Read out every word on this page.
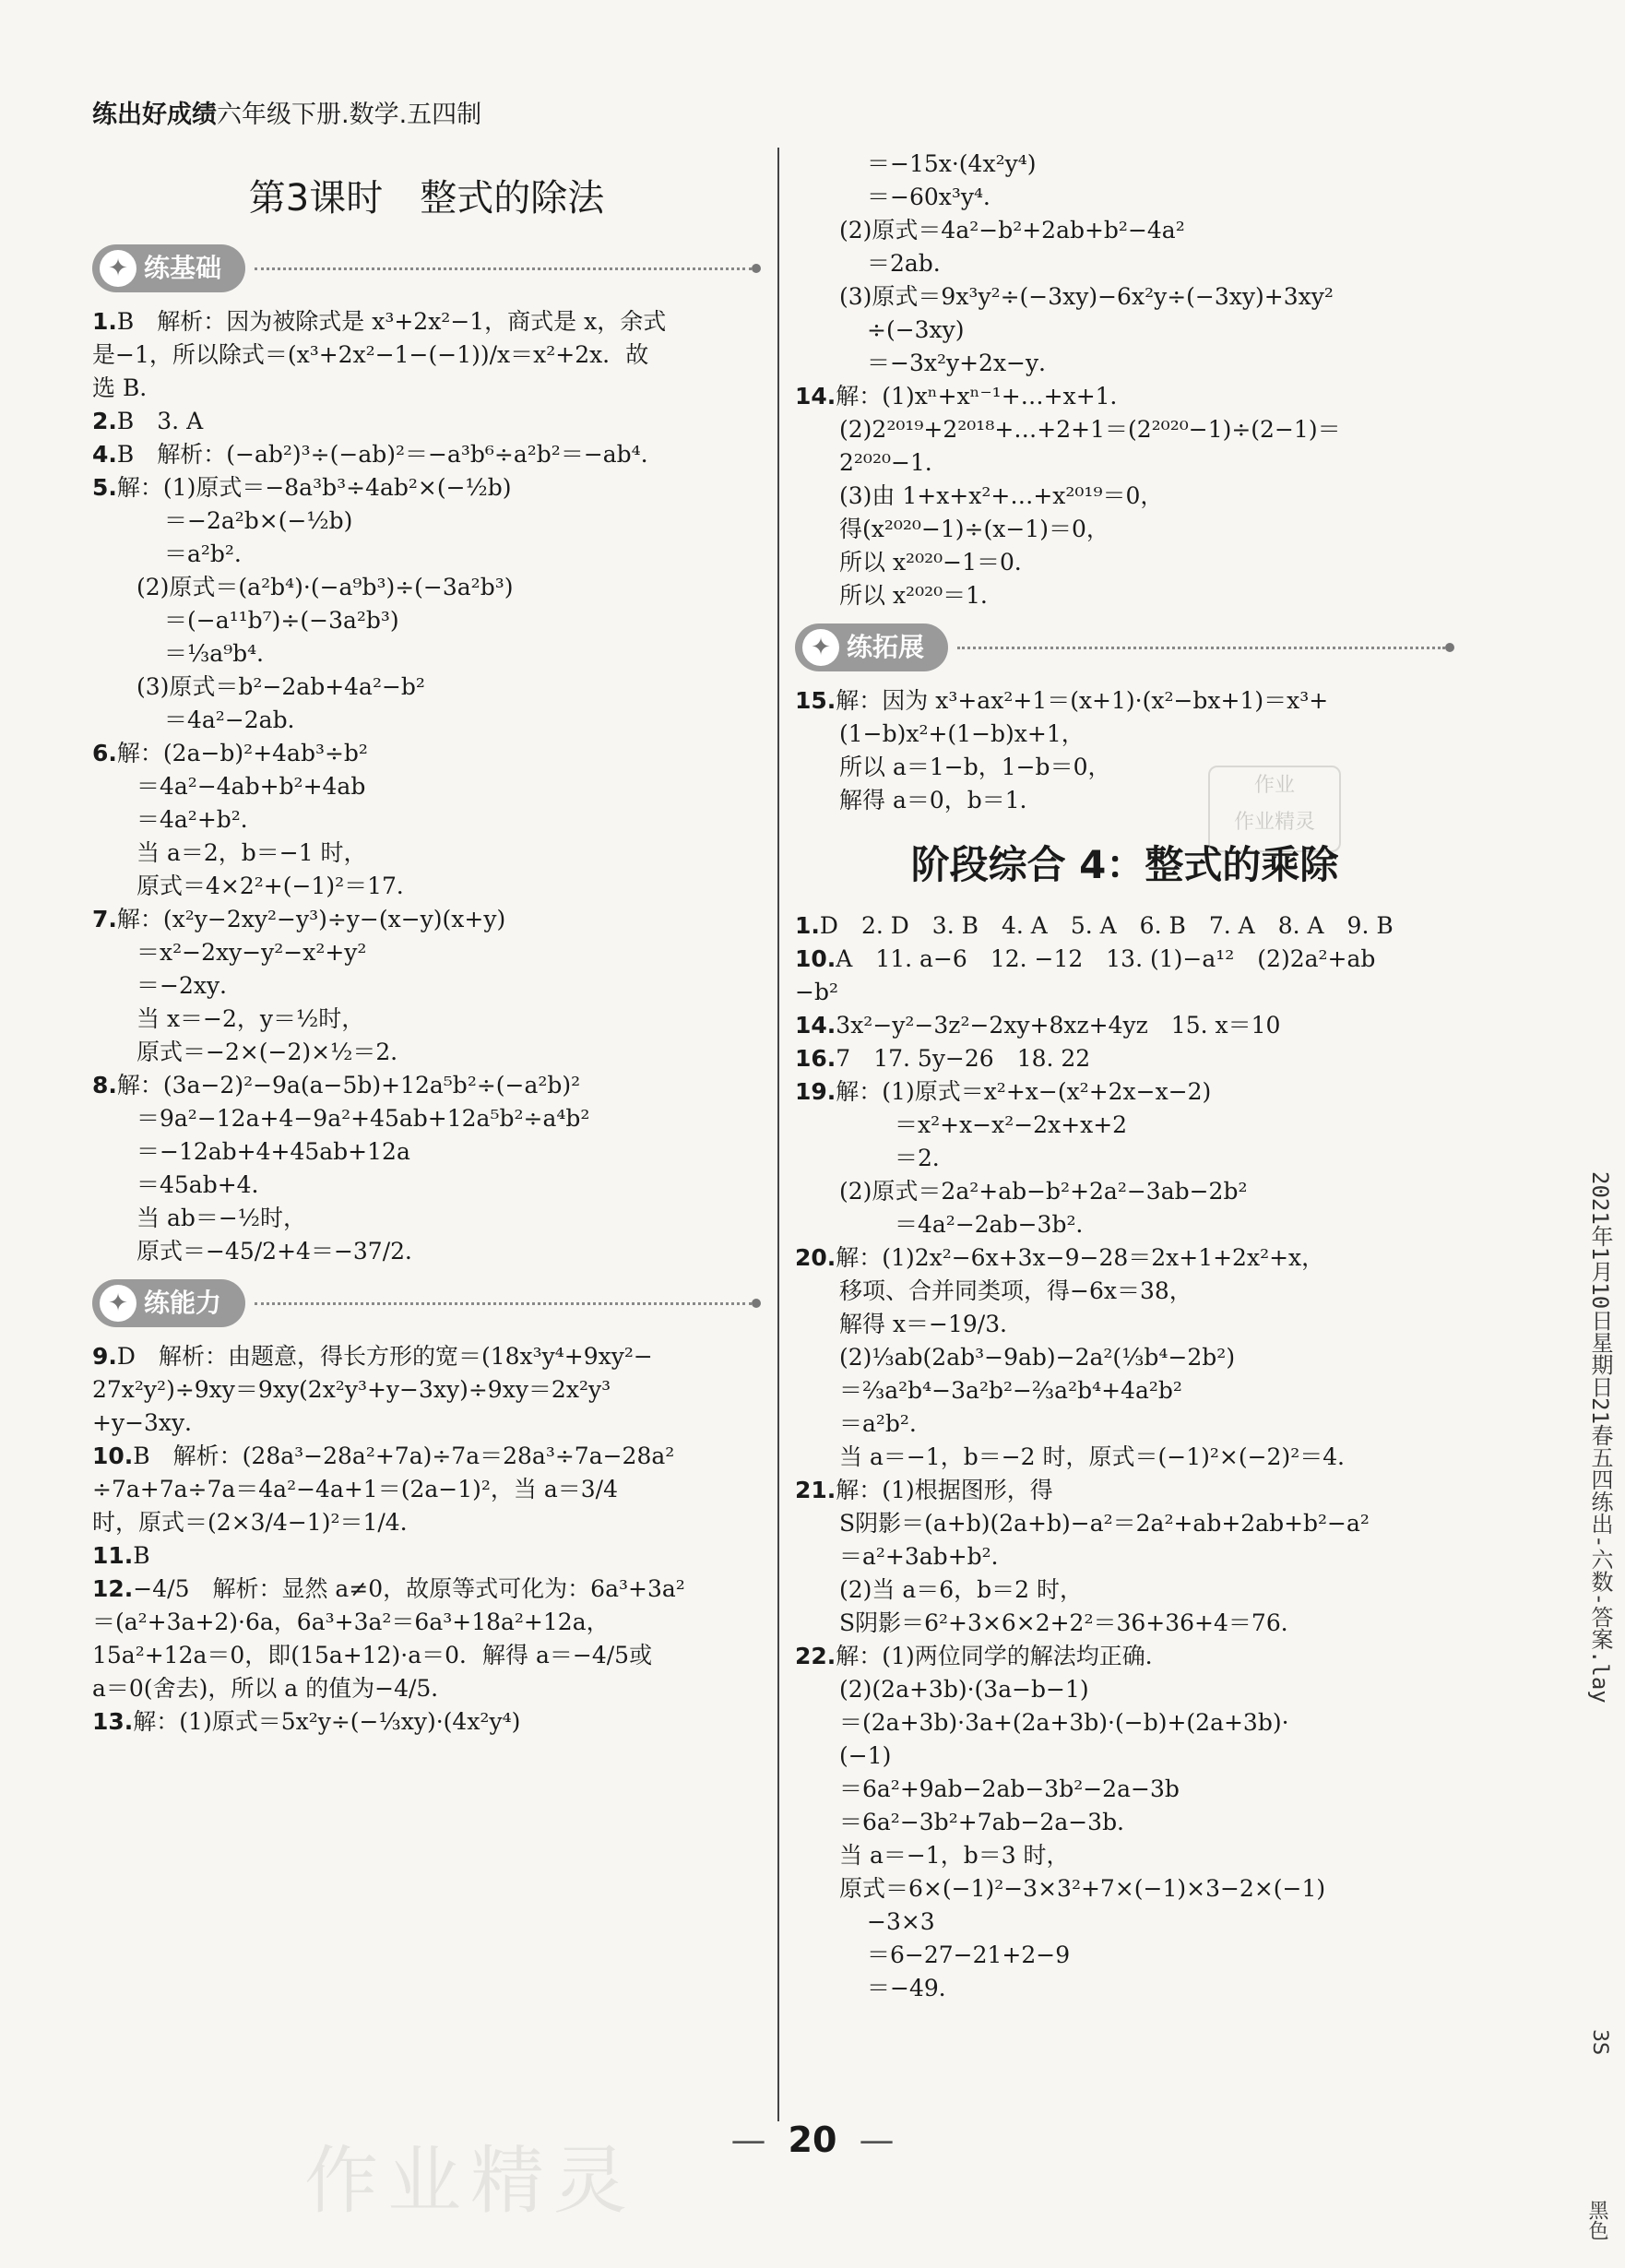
练出好成绩六年级下册.数学.五四制
第3课时　整式的除法
✦ 练基础
1.B　解析：因为被除式是 x³+2x²−1，商式是 x，余式
是−1，所以除式＝(x³+2x²−1−(−1))/x＝x²+2x．故
选 B．
2.B　3. A
4.B　解析：(−ab²)³÷(−ab)²＝−a³b⁶÷a²b²＝−ab⁴．
5.解：(1)原式＝−8a³b³÷4ab²×(−½b)
＝−2a²b×(−½b)
＝a²b²．
(2)原式＝(a²b⁴)·(−a⁹b³)÷(−3a²b³)
＝(−a¹¹b⁷)÷(−3a²b³)
＝⅓a⁹b⁴．
(3)原式＝b²−2ab+4a²−b²
＝4a²−2ab．
6.解：(2a−b)²+4ab³÷b²
＝4a²−4ab+b²+4ab
＝4a²+b²．
当 a＝2，b＝−1 时，
原式＝4×2²+(−1)²＝17．
7.解：(x²y−2xy²−y³)÷y−(x−y)(x+y)
＝x²−2xy−y²−x²+y²
＝−2xy．
当 x＝−2，y＝½时，
原式＝−2×(−2)×½＝2．
8.解：(3a−2)²−9a(a−5b)+12a⁵b²÷(−a²b)²
＝9a²−12a+4−9a²+45ab+12a⁵b²÷a⁴b²
＝−12ab+4+45ab+12a
＝45ab+4．
当 ab＝−½时，
原式＝−45/2+4＝−37/2．
✦ 练能力
9.D　解析：由题意，得长方形的宽＝(18x³y⁴+9xy²−
27x²y²)÷9xy＝9xy(2x²y³+y−3xy)÷9xy＝2x²y³
+y−3xy．
10.B　解析：(28a³−28a²+7a)÷7a＝28a³÷7a−28a²
÷7a+7a÷7a＝4a²−4a+1＝(2a−1)²，当 a＝3/4
时，原式＝(2×3/4−1)²＝1/4．
11.B
12.−4/5　解析：显然 a≠0，故原等式可化为：6a³+3a²
＝(a²+3a+2)·6a，6a³+3a²＝6a³+18a²+12a，
15a²+12a＝0，即(15a+12)·a＝0．解得 a＝−4/5或
a＝0(舍去)，所以 a 的值为−4/5．
13.解：(1)原式＝5x²y÷(−⅓xy)·(4x²y⁴)
＝−15x·(4x²y⁴)
＝−60x³y⁴．
(2)原式＝4a²−b²+2ab+b²−4a²
＝2ab．
(3)原式＝9x³y²÷(−3xy)−6x²y÷(−3xy)+3xy²
÷(−3xy)
＝−3x²y+2x−y．
14.解：(1)xⁿ+xⁿ⁻¹+…+x+1．
(2)2²⁰¹⁹+2²⁰¹⁸+…+2+1＝(2²⁰²⁰−1)÷(2−1)＝
2²⁰²⁰−1．
(3)由 1+x+x²+…+x²⁰¹⁹＝0，
得(x²⁰²⁰−1)÷(x−1)＝0，
所以 x²⁰²⁰−1＝0．
所以 x²⁰²⁰＝1．
✦ 练拓展
15.解：因为 x³+ax²+1＝(x+1)·(x²−bx+1)＝x³+
(1−b)x²+(1−b)x+1，
所以 a＝1−b，1−b＝0，
解得 a＝0，b＝1．
阶段综合 4：整式的乘除
1.D　2. D　3. B　4. A　5. A　6. B　7. A　8. A　9. B
10.A　11. a−6　12. −12　13. (1)−a¹²　(2)2a²+ab
−b²
14.3x²−y²−3z²−2xy+8xz+4yz　15. x＝10
16.7　17. 5y−26　18. 22
19.解：(1)原式＝x²+x−(x²+2x−x−2)
＝x²+x−x²−2x+x+2
＝2．
(2)原式＝2a²+ab−b²+2a²−3ab−2b²
＝4a²−2ab−3b²．
20.解：(1)2x²−6x+3x−9−28＝2x+1+2x²+x，
移项、合并同类项，得−6x＝38，
解得 x＝−19/3．
(2)⅓ab(2ab³−9ab)−2a²(⅓b⁴−2b²)
＝⅔a²b⁴−3a²b²−⅔a²b⁴+4a²b²
＝a²b²．
当 a＝−1，b＝−2 时，原式＝(−1)²×(−2)²＝4．
21.解：(1)根据图形，得
S阴影＝(a+b)(2a+b)−a²＝2a²+ab+2ab+b²−a²
＝a²+3ab+b²．
(2)当 a＝6，b＝2 时，
S阴影＝6²+3×6×2+2²＝36+36+4＝76．
22.解：(1)两位同学的解法均正确．
(2)(2a+3b)·(3a−b−1)
＝(2a+3b)·3a+(2a+3b)·(−b)+(2a+3b)·
(−1)
＝6a²+9ab−2ab−3b²−2a−3b
＝6a²−3b²+7ab−2a−3b．
当 a＝−1，b＝3 时，
原式＝6×(−1)²−3×3²+7×(−1)×3−2×(−1)
−3×3
＝6−27−21+2−9
＝−49．
作业
作业精灵
作业精灵	— 20 —
2021年1月10日星期日21春五四练出-六数-答案.lay
3S
黑色
